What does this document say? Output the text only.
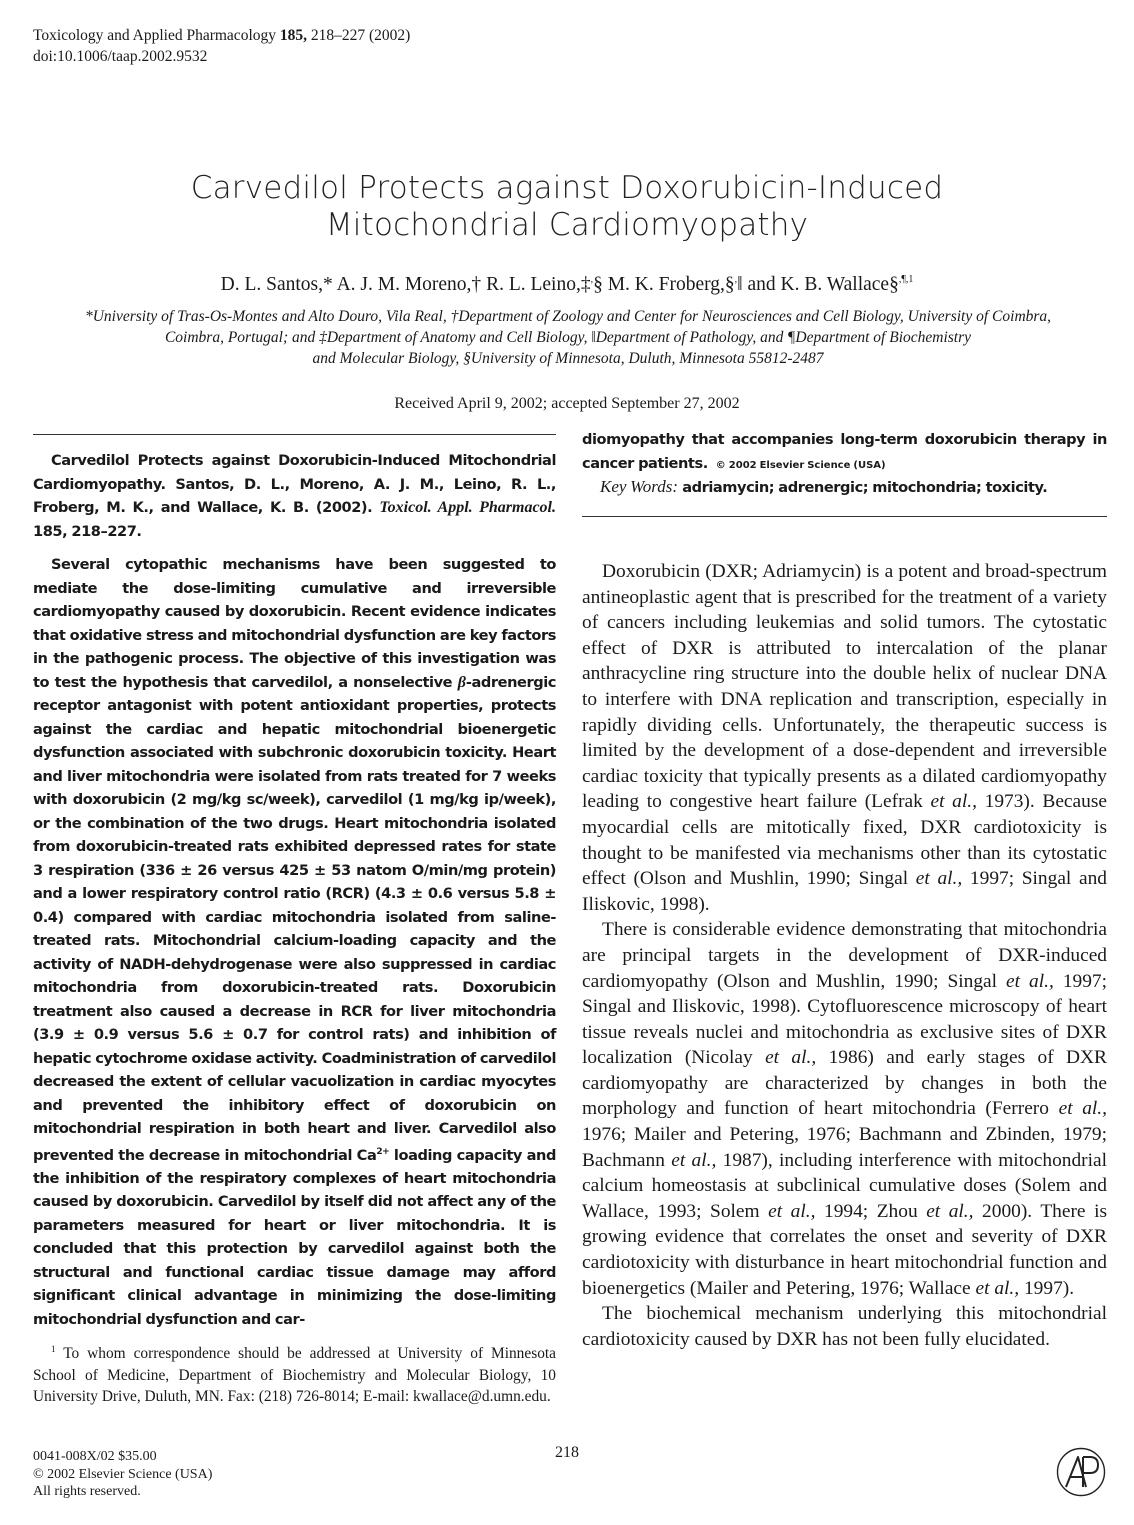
Toxicology and Applied Pharmacology 185, 218–227 (2002)
doi:10.1006/taap.2002.9532
Carvedilol Protects against Doxorubicin-Induced
Mitochondrial Cardiomyopathy
D. L. Santos,* A. J. M. Moreno,† R. L. Leino,‡,§ M. K. Froberg,§,‖ and K. B. Wallace§$^{,\P,1}$
*University of Tras-Os-Montes and Alto Douro, Vila Real, †Department of Zoology and Center for Neurosciences and Cell Biology, University of Coimbra,
Coimbra, Portugal; and ‡Department of Anatomy and Cell Biology, ‖Department of Pathology, and ¶Department of Biochemistry
and Molecular Biology, §University of Minnesota, Duluth, Minnesota 55812-2487
Received April 9, 2002; accepted September 27, 2002
Carvedilol Protects against Doxorubicin-Induced Mitochondrial Cardiomyopathy. Santos, D. L., Moreno, A. J. M., Leino, R. L., Froberg, M. K., and Wallace, K. B. (2002). Toxicol. Appl. Pharmacol. 185, 218–227.
Several cytopathic mechanisms have been suggested to mediate the dose-limiting cumulative and irreversible cardiomyopathy caused by doxorubicin. Recent evidence indicates that oxidative stress and mitochondrial dysfunction are key factors in the pathogenic process. The objective of this investigation was to test the hypothesis that carvedilol, a nonselective β-adrenergic receptor antagonist with potent antioxidant properties, protects against the cardiac and hepatic mitochondrial bioenergetic dysfunction associated with subchronic doxorubicin toxicity. Heart and liver mitochondria were isolated from rats treated for 7 weeks with doxorubicin (2 mg/kg sc/week), carvedilol (1 mg/kg ip/week), or the combination of the two drugs. Heart mitochondria isolated from doxorubicin-treated rats exhibited depressed rates for state 3 respiration (336 ± 26 versus 425 ± 53 natom O/min/mg protein) and a lower respiratory control ratio (RCR) (4.3 ± 0.6 versus 5.8 ± 0.4) compared with cardiac mitochondria isolated from saline-treated rats. Mitochondrial calcium-loading capacity and the activity of NADH-dehydrogenase were also suppressed in cardiac mitochondria from doxorubicin-treated rats. Doxorubicin treatment also caused a decrease in RCR for liver mitochondria (3.9 ± 0.9 versus 5.6 ± 0.7 for control rats) and inhibition of hepatic cytochrome oxidase activity. Coadministration of carvedilol decreased the extent of cellular vacuolization in cardiac myocytes and prevented the inhibitory effect of doxorubicin on mitochondrial respiration in both heart and liver. Carvedilol also prevented the decrease in mitochondrial $Ca^{2+}$ loading capacity and the inhibition of the respiratory complexes of heart mitochondria caused by doxorubicin. Carvedilol by itself did not affect any of the parameters measured for heart or liver mitochondria. It is concluded that this protection by carvedilol against both the structural and functional cardiac tissue damage may afford significant clinical advantage in minimizing the dose-limiting mitochondrial dysfunction and car-
diomyopathy that accompanies long-term doxorubicin therapy in cancer patients. © 2002 Elsevier Science (USA)
Key Words: adriamycin; adrenergic; mitochondria; toxicity.

Doxorubicin (DXR; Adriamycin) is a potent and broad-spectrum antineoplastic agent that is prescribed for the treatment of a variety of cancers including leukemias and solid tumors. The cytostatic effect of DXR is attributed to intercalation of the planar anthracycline ring structure into the double helix of nuclear DNA to interfere with DNA replication and transcription, especially in rapidly dividing cells. Unfortunately, the therapeutic success is limited by the development of a dose-dependent and irreversible cardiac toxicity that typically presents as a dilated cardiomyopathy leading to congestive heart failure (Lefrak et al., 1973). Because myocardial cells are mitotically fixed, DXR cardiotoxicity is thought to be manifested via mechanisms other than its cytostatic effect (Olson and Mushlin, 1990; Singal et al., 1997; Singal and Iliskovic, 1998).

There is considerable evidence demonstrating that mitochondria are principal targets in the development of DXR-induced cardiomyopathy (Olson and Mushlin, 1990; Singal et al., 1997; Singal and Iliskovic, 1998). Cytofluorescence microscopy of heart tissue reveals nuclei and mitochondria as exclusive sites of DXR localization (Nicolay et al., 1986) and early stages of DXR cardiomyopathy are characterized by changes in both the morphology and function of heart mitochondria (Ferrero et al., 1976; Mailer and Petering, 1976; Bachmann and Zbinden, 1979; Bachmann et al., 1987), including interference with mitochondrial calcium homeostasis at subclinical cumulative doses (Solem and Wallace, 1993; Solem et al., 1994; Zhou et al., 2000). There is growing evidence that correlates the onset and severity of DXR cardiotoxicity with disturbance in heart mitochondrial function and bioenergetics (Mailer and Petering, 1976; Wallace et al., 1997).

The biochemical mechanism underlying this mitochondrial cardiotoxicity caused by DXR has not been fully elucidated.

$^1$ To whom correspondence should be addressed at University of Minnesota School of Medicine, Department of Biochemistry and Molecular Biology, 10 University Drive, Duluth, MN. Fax: (218) 726-8014; E-mail: kwallace@d.umn.edu.
218
0041-008X/02 $35.00
© 2002 Elsevier Science (USA)
All rights reserved.
